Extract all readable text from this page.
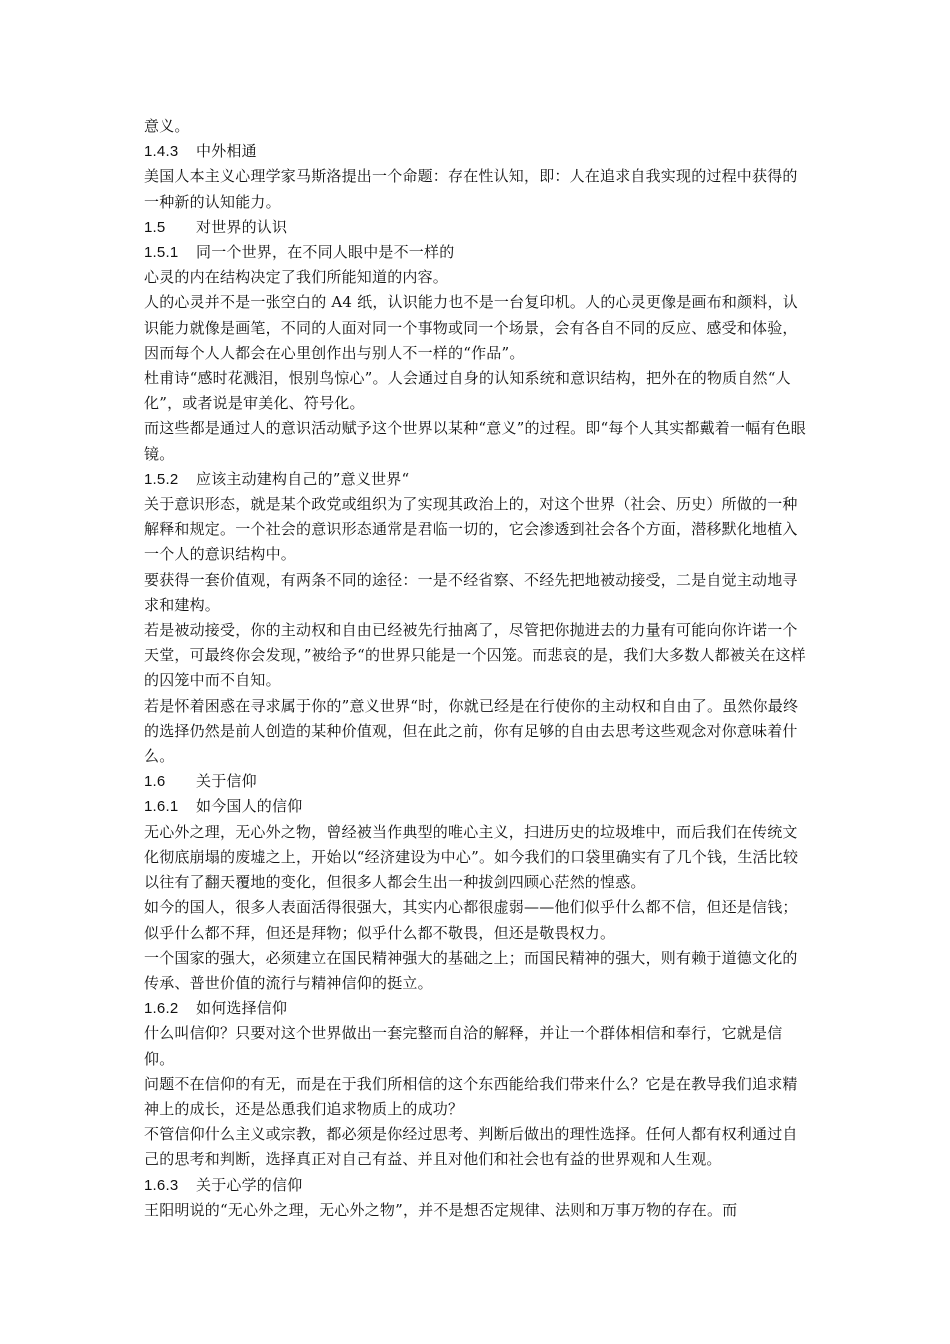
意义。

1.4.3 中外相通

美国人本主义心理学家马斯洛提出一个命题：存在性认知，即：人在追求自我实现的过程中获得的一种新的认知能力。

1.5 对世界的认识
1.5.1 同一个世界，在不同人眼中是不一样的

心灵的内在结构决定了我们所能知道的内容。

人的心灵并不是一张空白的 A4 纸，认识能力也不是一台复印机。人的心灵更像是画布和颜料，认识能力就像是画笔，不同的人面对同一个事物或同一个场景，会有各自不同的反应、感受和体验，因而每个人人都会在心里创作出与别人不一样的“作品”。

杜甫诗“感时花溅泪，恨别鸟惊心”。人会通过自身的认知系统和意识结构，把外在的物质自然“人化”，或者说是审美化、符号化。

而这些都是通过人的意识活动赋予这个世界以某种“意义”的过程。即“每个人其实都戴着一幅有色眼镜。

1.5.2 应该主动建构自己的”意义世界“

关于意识形态，就是某个政党或组织为了实现其政治上的，对这个世界（社会、历史）所做的一种解释和规定。一个社会的意识形态通常是君临一切的，它会渗透到社会各个方面，潜移默化地植入一个人的意识结构中。

要获得一套价值观，有两条不同的途径：一是不经省察、不经先把地被动接受，二是自觉主动地寻求和建构。

若是被动接受，你的主动权和自由已经被先行抽离了，尽管把你抛进去的力量有可能向你许诺一个天堂，可最终你会发现，”被给予“的世界只能是一个囚笼。而悲哀的是，我们大多数人都被关在这样的囚笼中而不自知。

若是怀着困惑在寻求属于你的”意义世界“时，你就已经是在行使你的主动权和自由了。虽然你最终的选择仍然是前人创造的某种价值观，但在此之前，你有足够的自由去思考这些观念对你意味着什么。

1.6 关于信仰
1.6.1 如今国人的信仰

无心外之理，无心外之物，曾经被当作典型的唯心主义，扫进历史的垃圾堆中，而后我们在传统文化彻底崩塌的废墟之上，开始以“经济建设为中心”。如今我们的口袋里确实有了几个钱，生活比较以往有了翻天覆地的变化，但很多人都会生出一种拔剑四顾心茫然的惶惑。

如今的国人，很多人表面活得很强大，其实内心都很虚弱——他们似乎什么都不信，但还是信钱；似乎什么都不拜，但还是拜物；似乎什么都不敬畏，但还是敬畏权力。

一个国家的强大，必须建立在国民精神强大的基础之上；而国民精神的强大，则有赖于道德文化的传承、普世价值的流行与精神信仰的挺立。

1.6.2 如何选择信仰

什么叫信仰？只要对这个世界做出一套完整而自洽的解释，并让一个群体相信和奉行，它就是信仰。

问题不在信仰的有无，而是在于我们所相信的这个东西能给我们带来什么？它是在教导我们追求精神上的成长，还是怂恿我们追求物质上的成功？

不管信仰什么主义或宗教，都必须是你经过思考、判断后做出的理性选择。任何人都有权利通过自己的思考和判断，选择真正对自己有益、并且对他们和社会也有益的世界观和人生观。

1.6.3 关于心学的信仰

王阳明说的“无心外之理，无心外之物”，并不是想否定规律、法则和万事万物的存在。而
